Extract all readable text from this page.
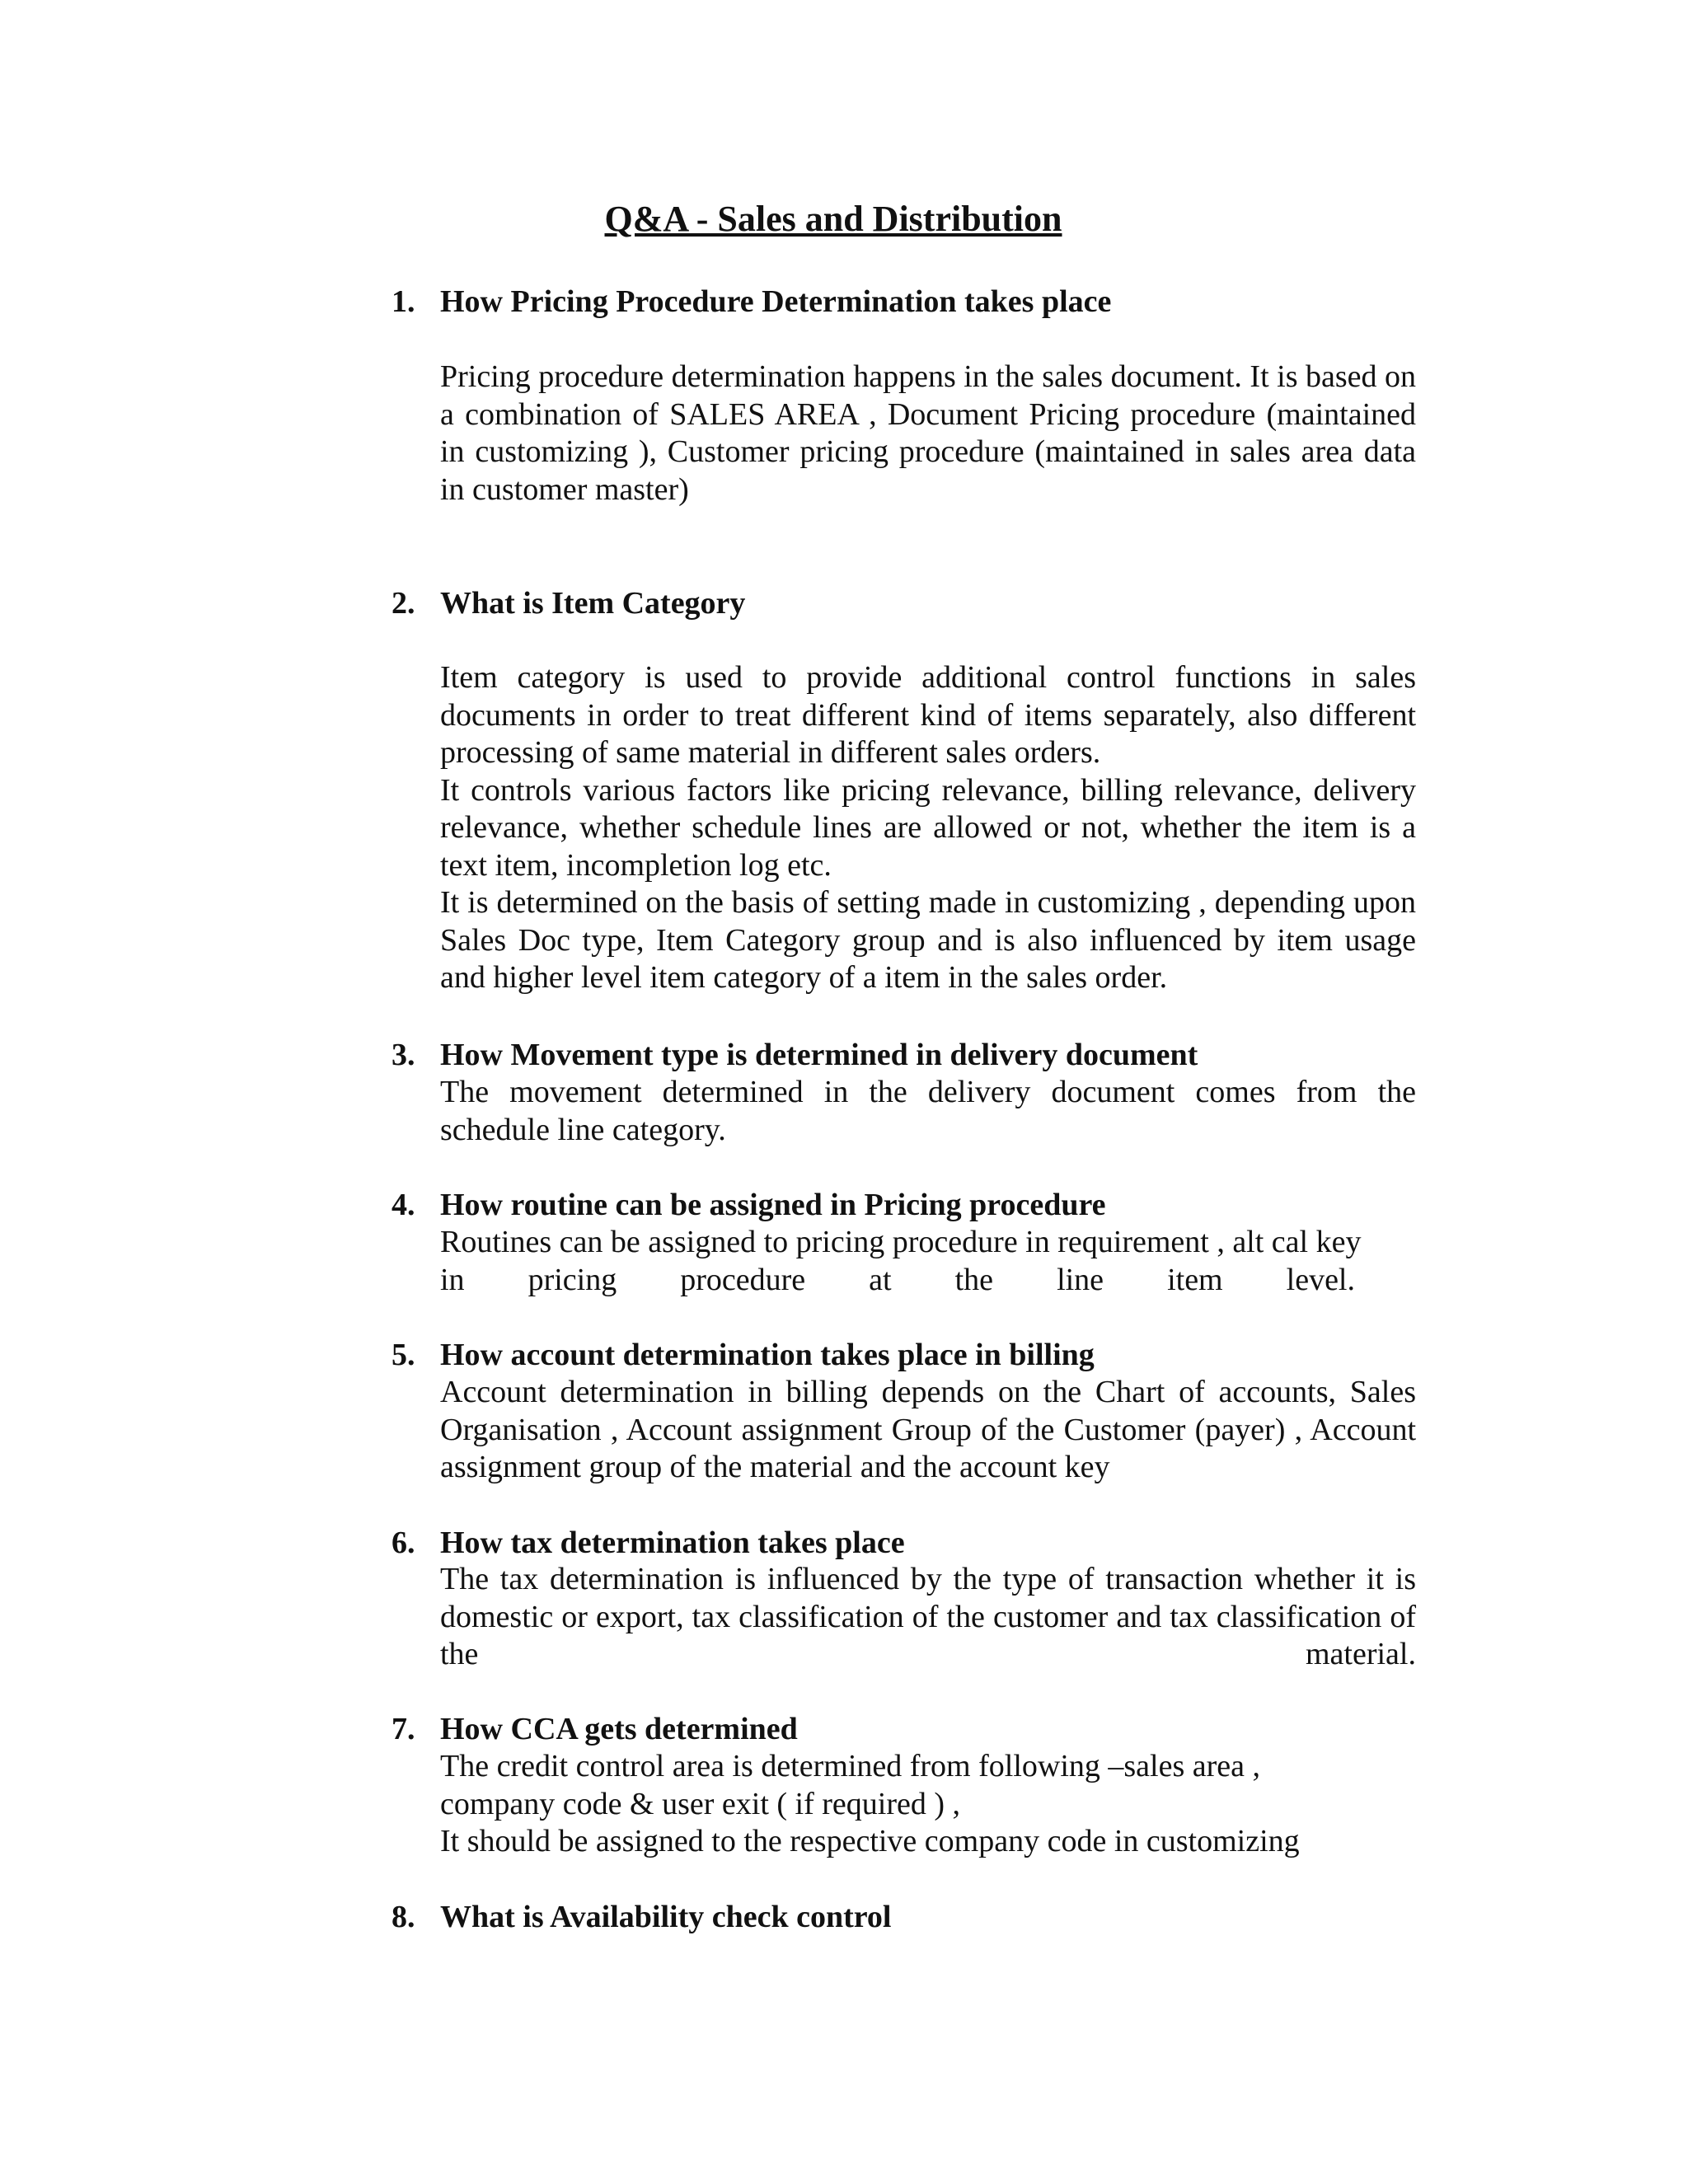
Q&A - Sales and Distribution
1. How Pricing Procedure Determination takes place

Pricing procedure determination happens in the sales document. It is based on a combination of SALES AREA , Document Pricing procedure (maintained in customizing ), Customer pricing procedure (maintained in sales area data in customer master)

2. What is Item Category

Item category is used to provide additional control functions in sales documents in order to treat different kind of items separately, also different processing of same material in different sales orders.

It controls various factors like pricing relevance, billing relevance, delivery relevance, whether schedule lines are allowed or not, whether the item is a text item, incompletion log etc.

It is determined on the basis of setting made in customizing , depending upon Sales Doc type, Item Category group and is also influenced by item usage and higher level item category of a item in the sales order.

3. How Movement type is determined in delivery document

The movement determined in the delivery document comes from the schedule line category.

4. How routine can be assigned in Pricing procedure

Routines can be assigned to pricing procedure in requirement , alt cal key

in pricing procedure at the line item level.

5. How account determination takes place in billing

Account determination in billing depends on the Chart of accounts, Sales Organisation , Account assignment Group of the Customer (payer) , Account assignment group of the material and the account key

6. How tax determination takes place

The tax determination is influenced by the type of transaction whether it is domestic or export, tax classification of the customer and tax classification of the material.

7. How CCA gets determined

The credit control area is determined from following –sales area ,

company code & user exit ( if required ) ,

It should be assigned to the respective company code in customizing

8. What is Availability check control
